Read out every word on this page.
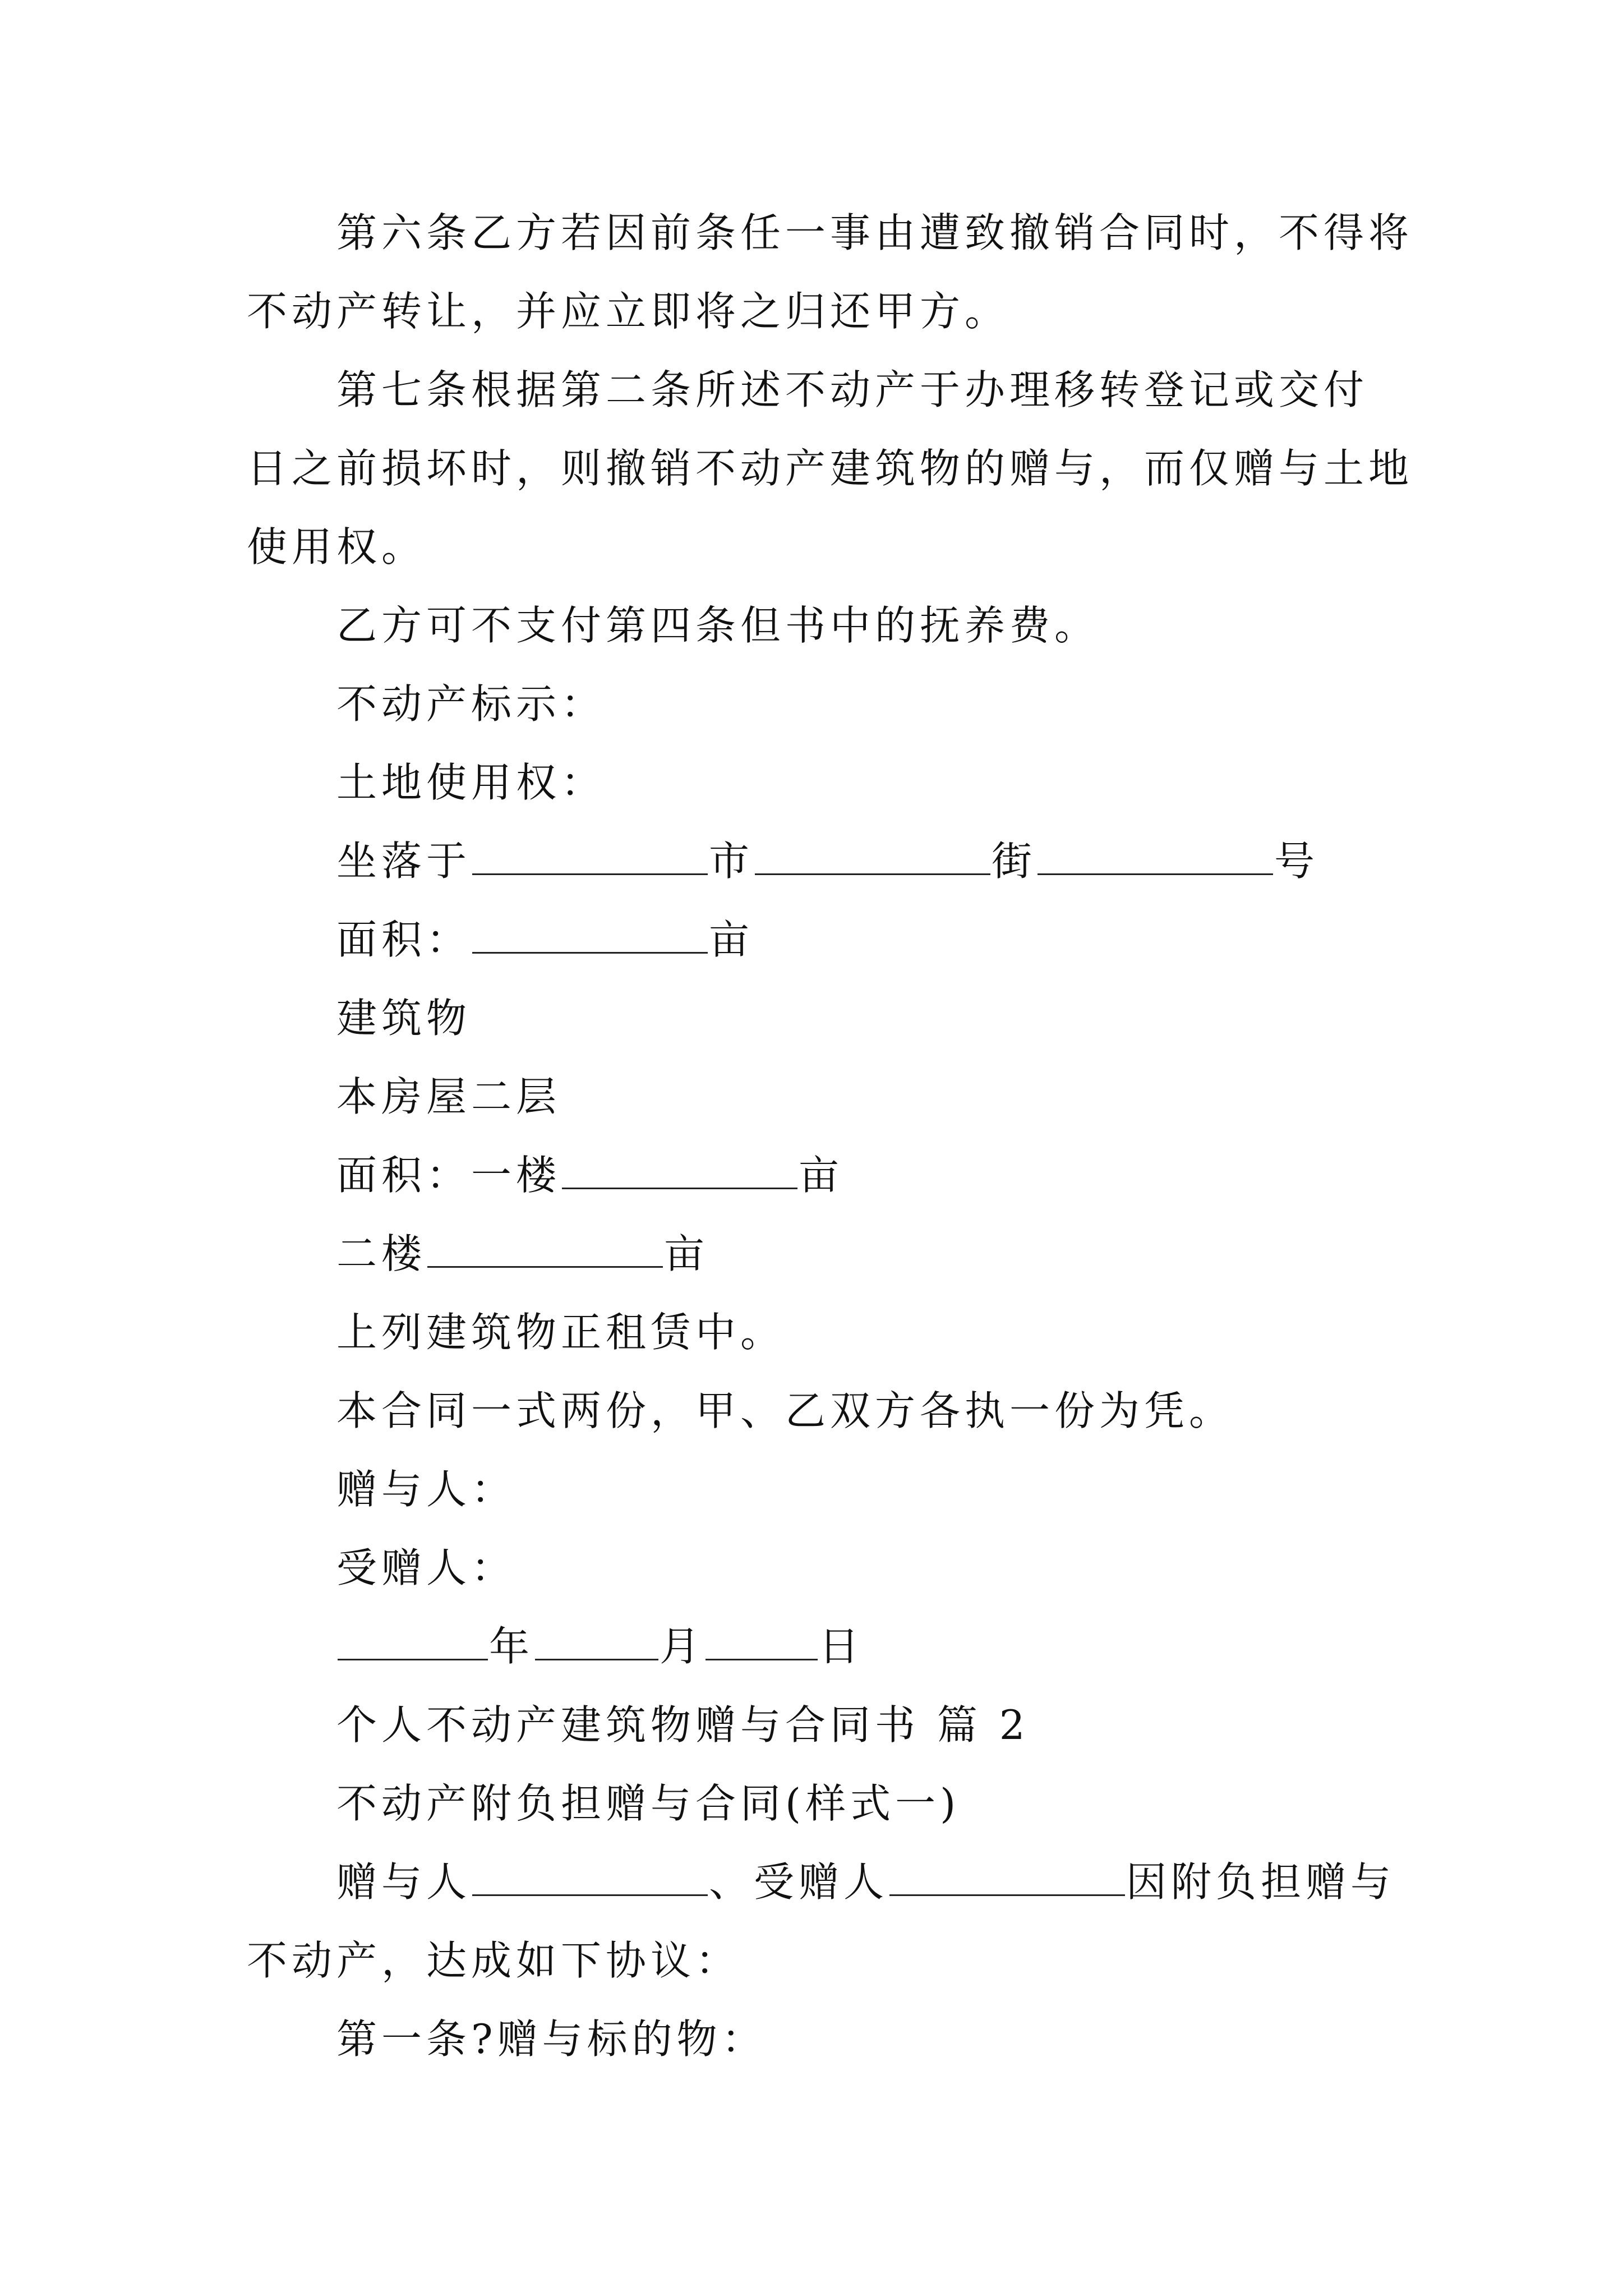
第六条乙方若因前条任一事由遭致撤销合同时，不得将
不动产转让，并应立即将之归还甲方。
第七条根据第二条所述不动产于办理移转登记或交付
日之前损坏时，则撤销不动产建筑物的赠与，而仅赠与土地
使用权。
乙方可不支付第四条但书中的抚养费。
不动产标示：
土地使用权：
坐落于	市	街	号
面积：	亩
建筑物
本房屋二层
面积：一楼	亩
二楼	亩
上列建筑物正租赁中。
本合同一式两份，甲、乙双方各执一份为凭。
赠与人：
受赠人：
年	月	日
个人不动产建筑物赠与合同书 篇 2
不动产附负担赠与合同(样式一)
赠与人	、受赠人	因附负担赠与
不动产，达成如下协议：
第一条?赠与标的物：
